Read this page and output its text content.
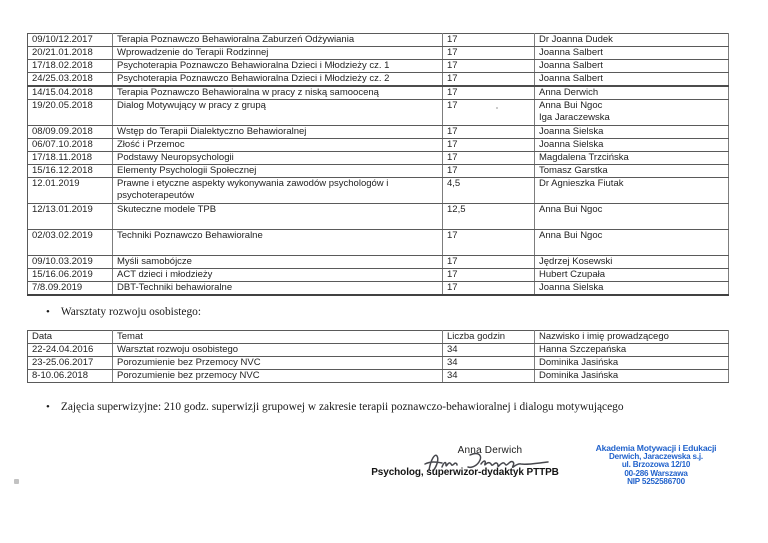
09/10/12.2017	Terapia Poznawczo Behawioralna Zaburzeń Odżywiania	17	Dr Joanna Dudek
20/21.01.2018	Wprowadzenie do Terapii Rodzinnej	17	Joanna Salbert
17/18.02.2018	Psychoterapia Poznawczo Behawioralna Dzieci i Młodzieży cz. 1	17	Joanna Salbert
24/25.03.2018	Psychoterapia Poznawczo Behawioralna Dzieci i Młodzieży cz. 2	17	Joanna Salbert
14/15.04.2018	Terapia Poznawczo Behawioralna w pracy z niską samooceną	17	Anna Derwich
19/20.05.2018	Dialog Motywujący w pracy z grupą	17	Anna Bui Ngoc
Iga Jaraczewska

08/09.09.2018	Wstęp do Terapii Dialektyczno Behawioralnej	17	Joanna Sielska
06/07.10.2018	Złość i Przemoc	17	Joanna Sielska
17/18.11.2018	Podstawy Neuropsychologii	17	Magdalena Trzcińska
15/16.12.2018	Elementy Psychologii Społecznej	17	Tomasz Garstka
12.01.2019	Prawne i etyczne aspekty wykonywania zawodów psychologów i psychoterapeutów	4,5	Dr Agnieszka Fiutak
12/13.01.2019	Skuteczne modele TPB	12,5	Anna Bui Ngoc
02/03.02.2019	Techniki Poznawczo Behawioralne	17	Anna Bui Ngoc
09/10.03.2019	Myśli samobójcze	17	Jędrzej Kosewski
15/16.06.2019	ACT dzieci i młodzieży	17	Hubert Czupała
7/8.09.2019	DBT-Techniki behawioralne	17	Joanna Sielska
• Warsztaty rozwoju osobistego:
Data	Temat	Liczba godzin	Nazwisko i imię prowadzącego
22-24.04.2016	Warsztat rozwoju osobistego	34	Hanna Szczepańska
23-25.06.2017	Porozumienie bez Przemocy NVC	34	Dominika Jasińska
8-10.06.2018	Porozumienie bez przemocy NVC	34	Dominika Jasińska
• Zajęcia superwizyjne: 210 godz. superwizji grupowej w zakresie terapii poznawczo-behawioralnej i dialogu motywującego
Anna Derwich
Psycholog, superwizor-dydaktyk PTTPB
Akademia Motywacji i Edukacji
Derwich, Jaraczewska s.j.
ul. Brzozowa 12/10
00-286 Warszawa
NIP 5252586700
